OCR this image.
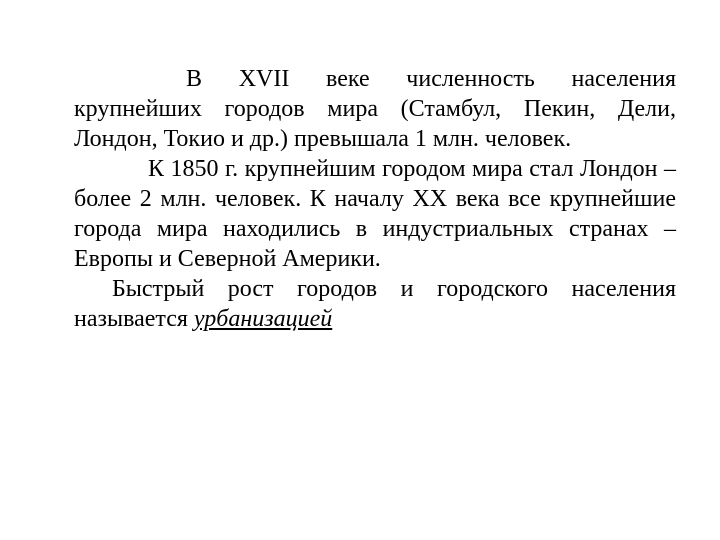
В XVII веке численность населения крупнейших городов мира (Стамбул, Пекин, Дели, Лондон, Токио и др.) превышала 1 млн. человек.

К 1850 г. крупнейшим городом мира стал Лондон – более 2 млн. человек. К началу XX века все крупнейшие города мира находились в индустриальных странах – Европы и Северной Америки.

Быстрый рост городов и городского населения называется урбанизацией
